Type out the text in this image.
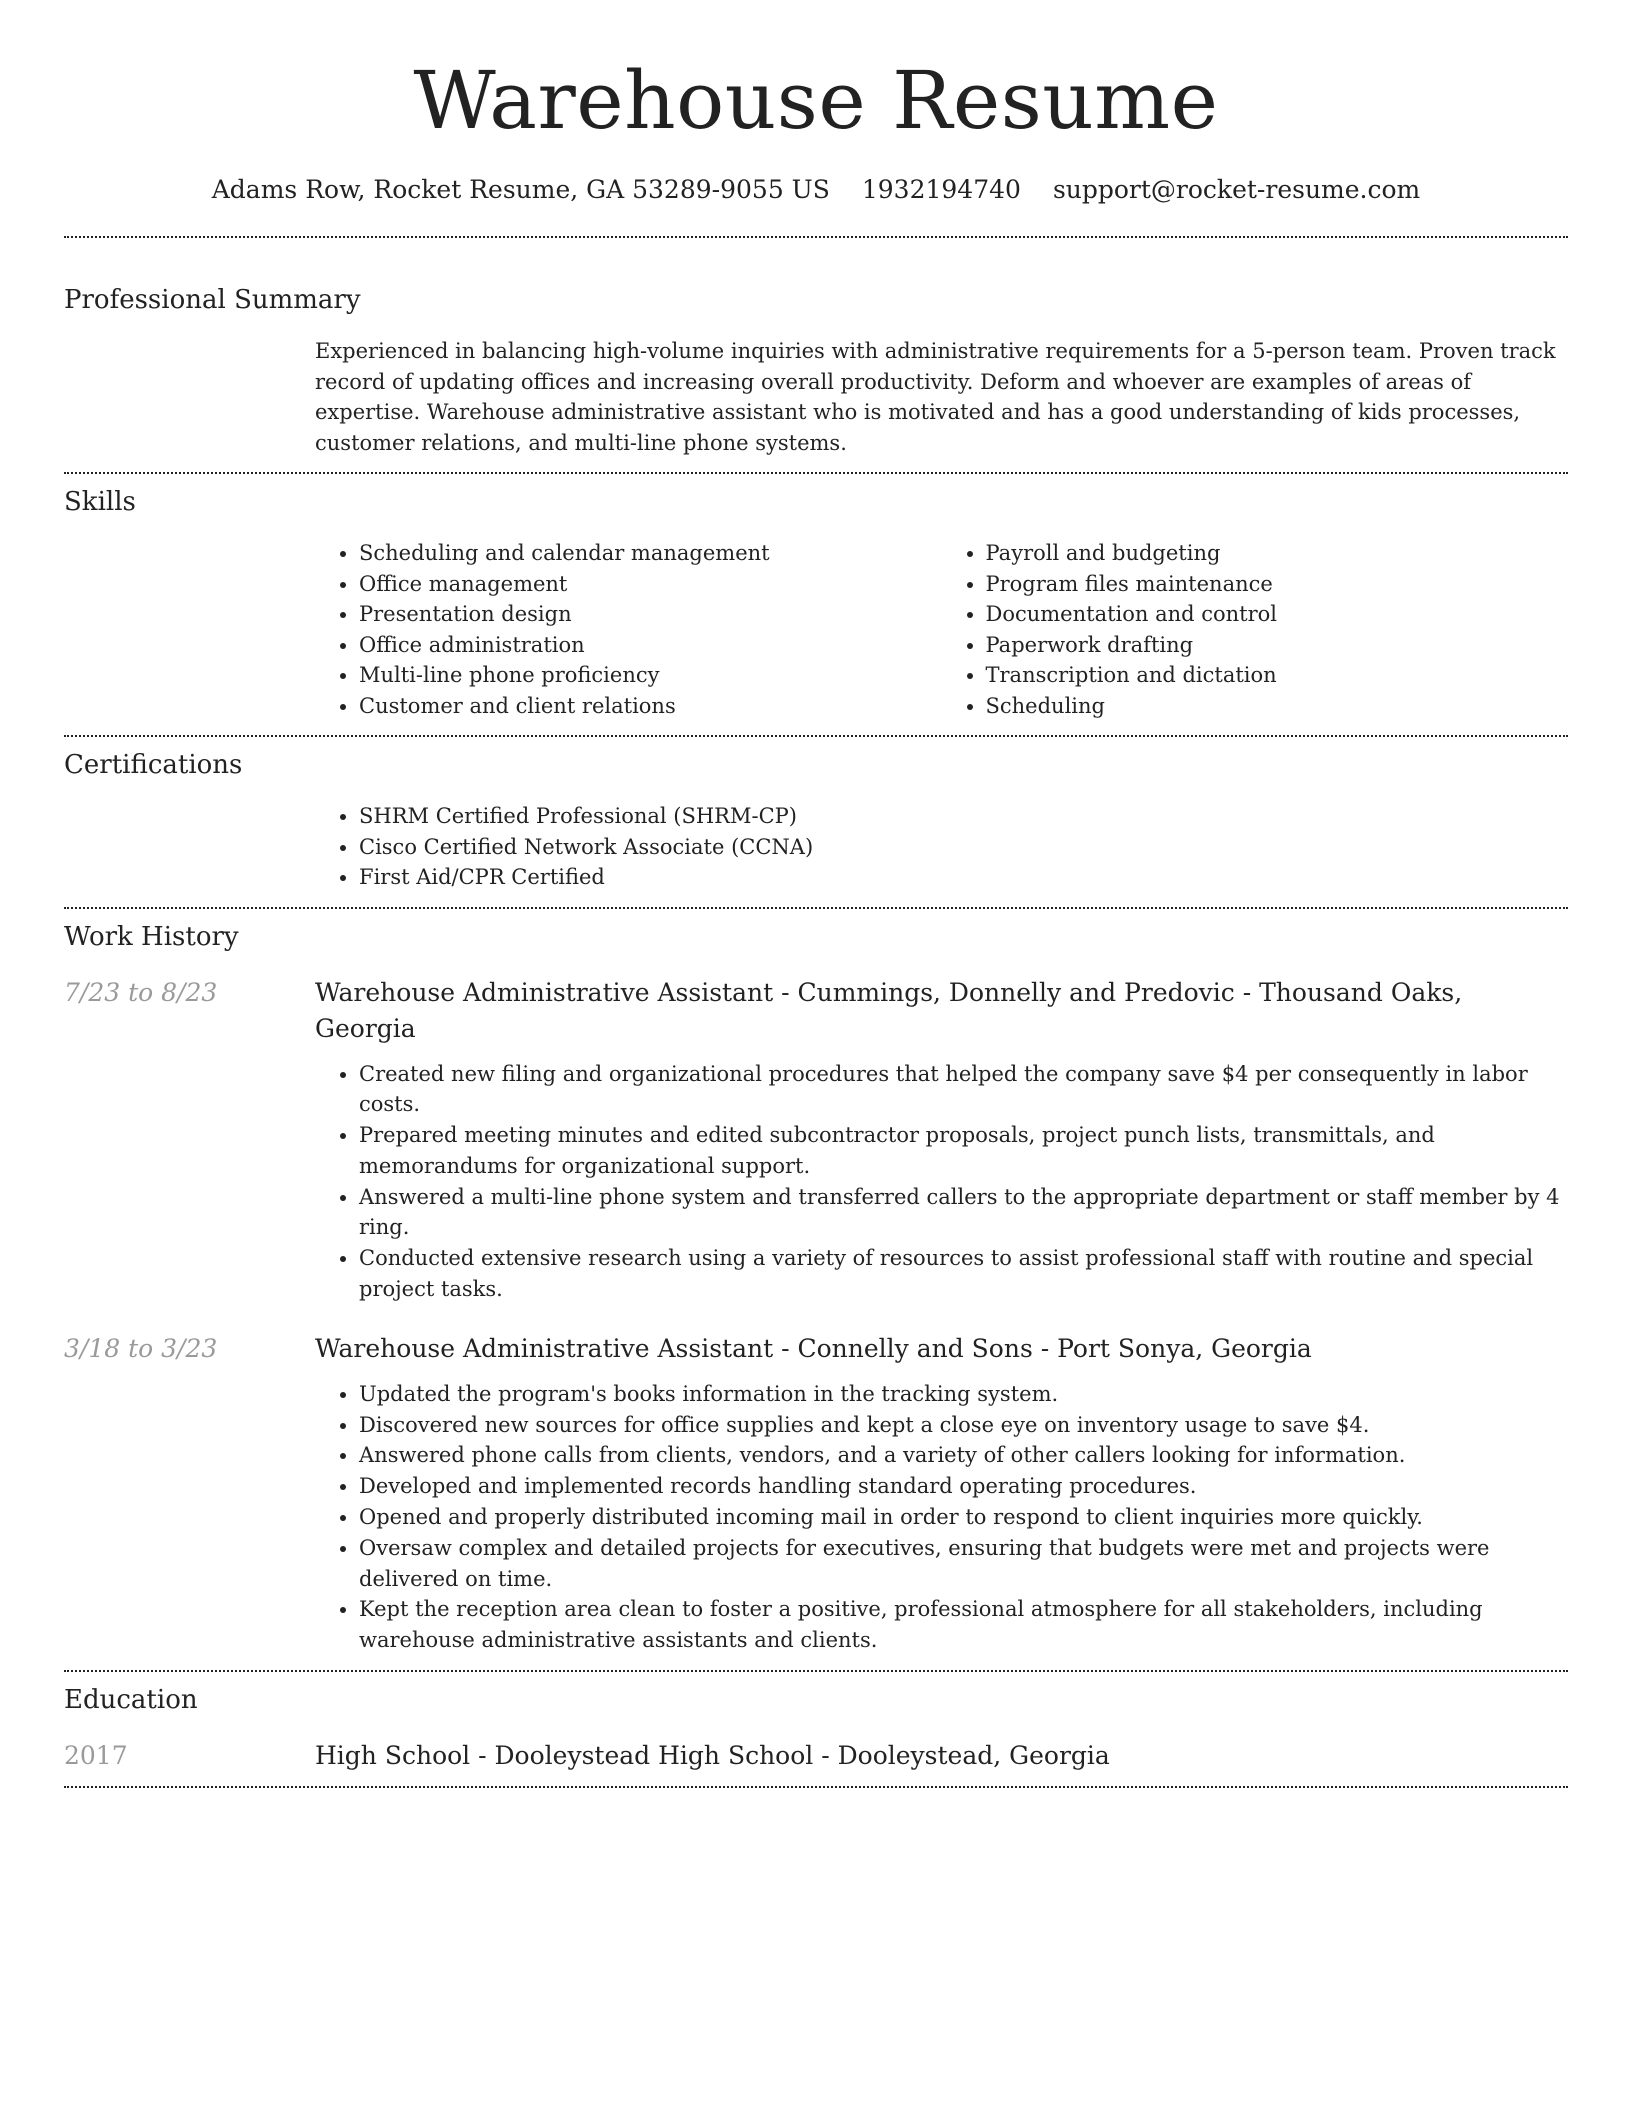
Warehouse Resume
Adams Row, Rocket Resume, GA 53289-9055 US 1932194740 support@rocket-resume.com
Professional Summary
Experienced in balancing high-volume inquiries with administrative requirements for a 5-person team. Proven track record of updating offices and increasing overall productivity. Deform and whoever are examples of areas of expertise. Warehouse administrative assistant who is motivated and has a good understanding of kids processes, customer relations, and multi-line phone systems.
Skills
• Scheduling and calendar management
• Office management
• Presentation design
• Office administration
• Multi-line phone proficiency
• Customer and client relations
• Payroll and budgeting
• Program files maintenance
• Documentation and control
• Paperwork drafting
• Transcription and dictation
• Scheduling
Certifications
• SHRM Certified Professional (SHRM-CP)
• Cisco Certified Network Associate (CCNA)
• First Aid/CPR Certified
Work History
7/23 to 8/23	Warehouse Administrative Assistant - Cummings, Donnelly and Predovic - Thousand Oaks, Georgia
• Created new filing and organizational procedures that helped the company save $4 per consequently in labor costs.
• Prepared meeting minutes and edited subcontractor proposals, project punch lists, transmittals, and memorandums for organizational support.
• Answered a multi-line phone system and transferred callers to the appropriate department or staff member by 4 ring.
• Conducted extensive research using a variety of resources to assist professional staff with routine and special project tasks.
3/18 to 3/23	Warehouse Administrative Assistant - Connelly and Sons - Port Sonya, Georgia
• Updated the program's books information in the tracking system.
• Discovered new sources for office supplies and kept a close eye on inventory usage to save $4.
• Answered phone calls from clients, vendors, and a variety of other callers looking for information.
• Developed and implemented records handling standard operating procedures.
• Opened and properly distributed incoming mail in order to respond to client inquiries more quickly.
• Oversaw complex and detailed projects for executives, ensuring that budgets were met and projects were delivered on time.
• Kept the reception area clean to foster a positive, professional atmosphere for all stakeholders, including warehouse administrative assistants and clients.
Education
2017	High School - Dooleystead High School - Dooleystead, Georgia
